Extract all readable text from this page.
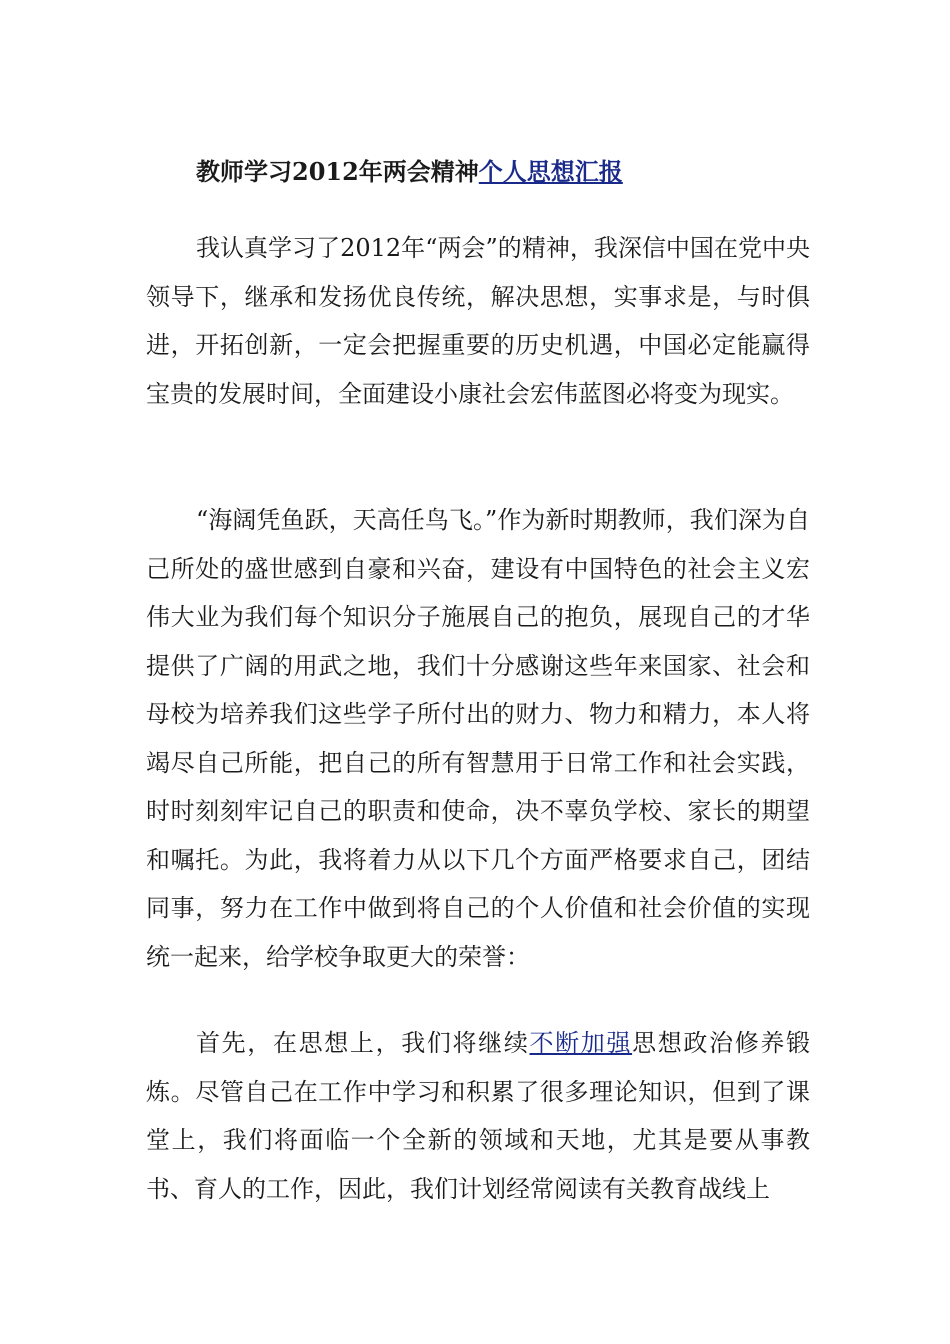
教师学习2012年两会精神个人思想汇报

我认真学习了2012年“两会”的精神，我深信中国在党中央领导下，继承和发扬优良传统，解决思想，实事求是，与时俱进，开拓创新，一定会把握重要的历史机遇，中国必定能赢得宝贵的发展时间，全面建设小康社会宏伟蓝图必将变为现实。

“海阔凭鱼跃，天高任鸟飞。”作为新时期教师，我们深为自己所处的盛世感到自豪和兴奋，建设有中国特色的社会主义宏伟大业为我们每个知识分子施展自己的抱负，展现自己的才华提供了广阔的用武之地，我们十分感谢这些年来国家、社会和母校为培养我们这些学子所付出的财力、物力和精力，本人将竭尽自己所能，把自己的所有智慧用于日常工作和社会实践，时时刻刻牢记自己的职责和使命，决不辜负学校、家长的期望和嘱托。为此，我将着力从以下几个方面严格要求自己，团结同事，努力在工作中做到将自己的个人价值和社会价值的实现统一起来，给学校争取更大的荣誉：

首先，在思想上，我们将继续不断加强思想政治修养锻炼。尽管自己在工作中学习和积累了很多理论知识，但到了课堂上，我们将面临一个全新的领域和天地，尤其是要从事教书、育人的工作，因此，我们计划经常阅读有关教育战线上
